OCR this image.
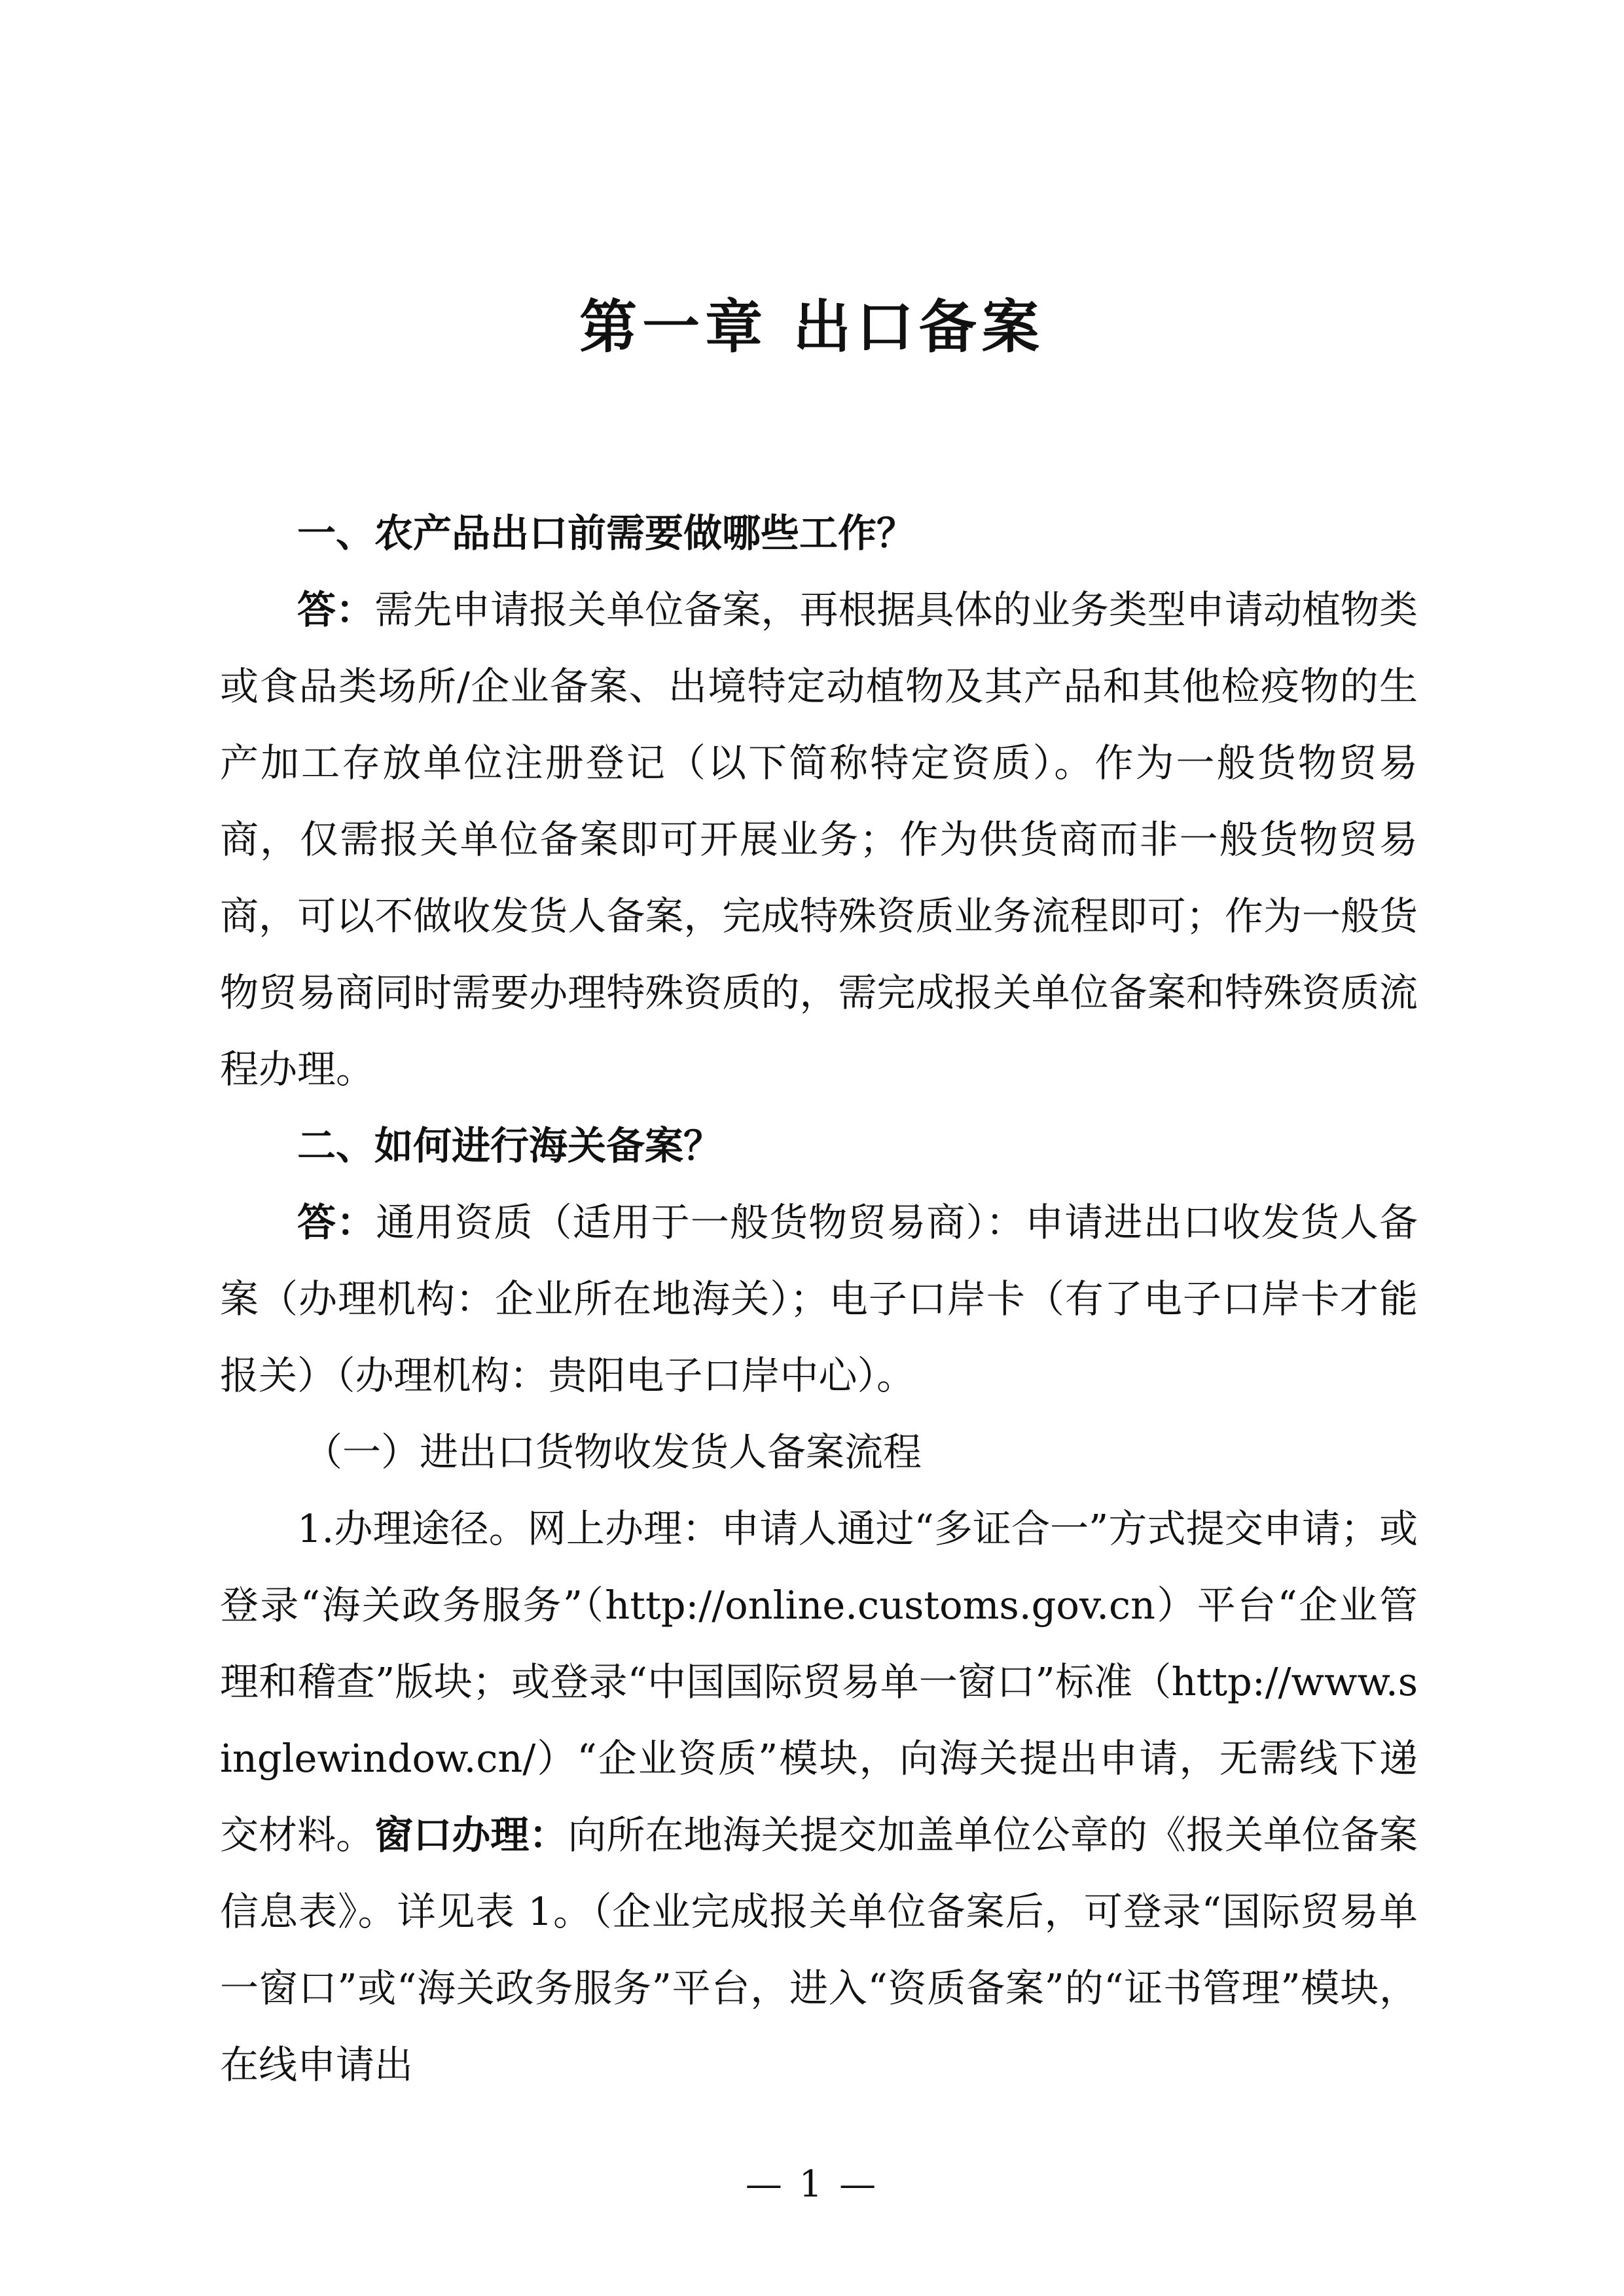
第一章 出口备案

一、农产品出口前需要做哪些工作？

答：需先申请报关单位备案，再根据具体的业务类型申请动植物类或食品类场所/企业备案、出境特定动植物及其产品和其他检疫物的生产加工存放单位注册登记（以下简称特定资质）。作为一般货物贸易商，仅需报关单位备案即可开展业务；作为供货商而非一般货物贸易商，可以不做收发货人备案，完成特殊资质业务流程即可；作为一般货物贸易商同时需要办理特殊资质的，需完成报关单位备案和特殊资质流程办理。

二、如何进行海关备案？

答：通用资质（适用于一般货物贸易商）：申请进出口收发货人备案（办理机构：企业所在地海关）；电子口岸卡（有了电子口岸卡才能报关）（办理机构：贵阳电子口岸中心）。

（一）进出口货物收发货人备案流程

1.办理途径。网上办理：申请人通过“多证合一”方式提交申请；或登录“海关政务服务”（http://online.customs.gov.cn）平台“企业管理和稽查”版块；或登录“中国国际贸易单一窗口”标准（http://www.singlewindow.cn/）“企业资质”模块，向海关提出申请，无需线下递交材料。窗口办理：向所在地海关提交加盖单位公章的《报关单位备案信息表》。详见表 1。（企业完成报关单位备案后，可登录“国际贸易单一窗口”或“海关政务服务”平台，进入“资质备案”的“证书管理”模块，在线申请出

— 1 —
